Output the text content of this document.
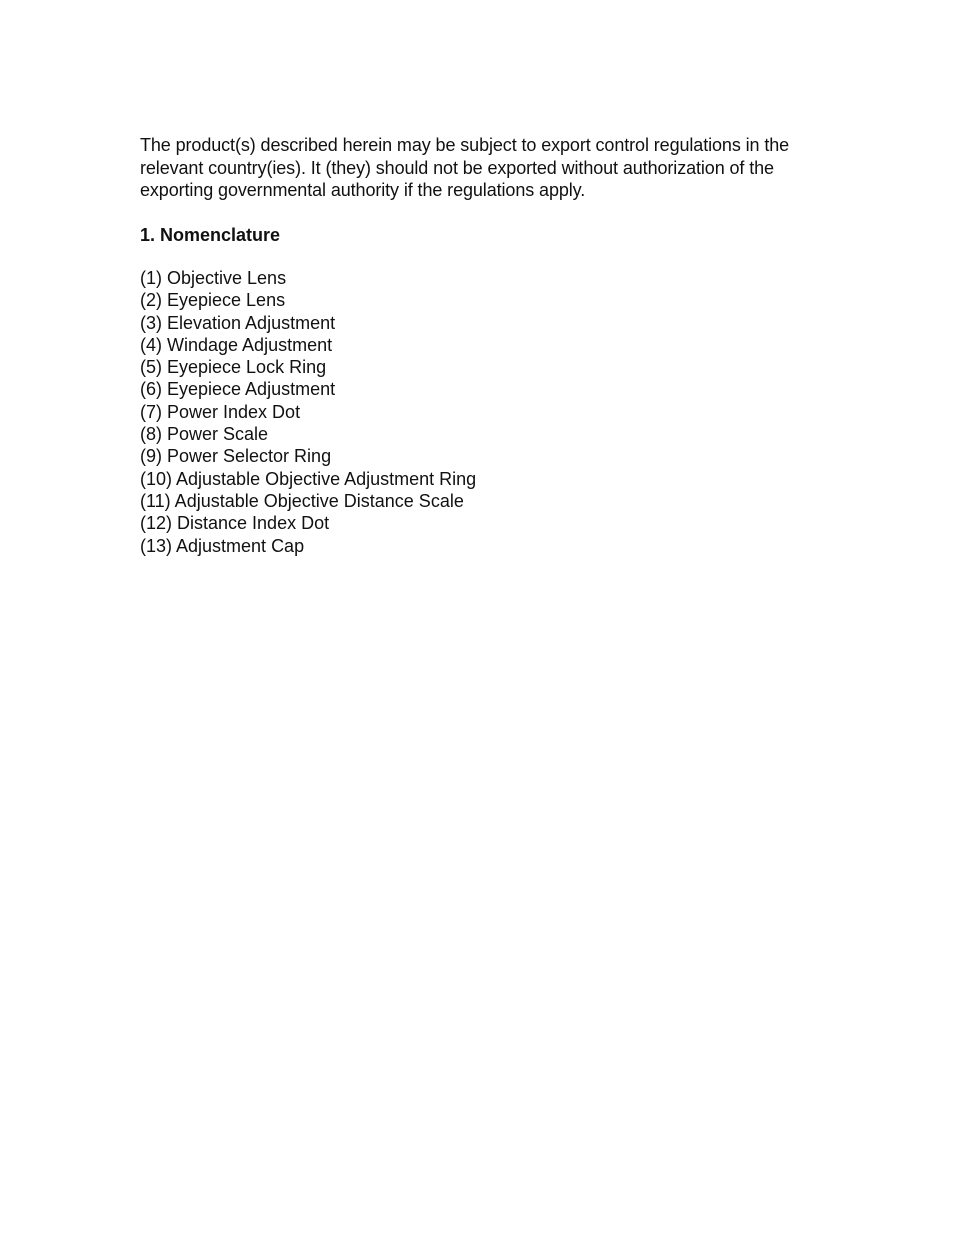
The product(s) described herein may be subject to export control regulations in the relevant country(ies). It (they) should not be exported without authorization of the exporting governmental authority if the regulations apply.

1. Nomenclature
(1) Objective Lens
(2) Eyepiece Lens
(3) Elevation Adjustment
(4) Windage Adjustment
(5) Eyepiece Lock Ring
(6) Eyepiece Adjustment
(7) Power Index Dot
(8) Power Scale
(9) Power Selector Ring
(10) Adjustable Objective Adjustment Ring
(11) Adjustable Objective Distance Scale
(12) Distance Index Dot
(13) Adjustment Cap
